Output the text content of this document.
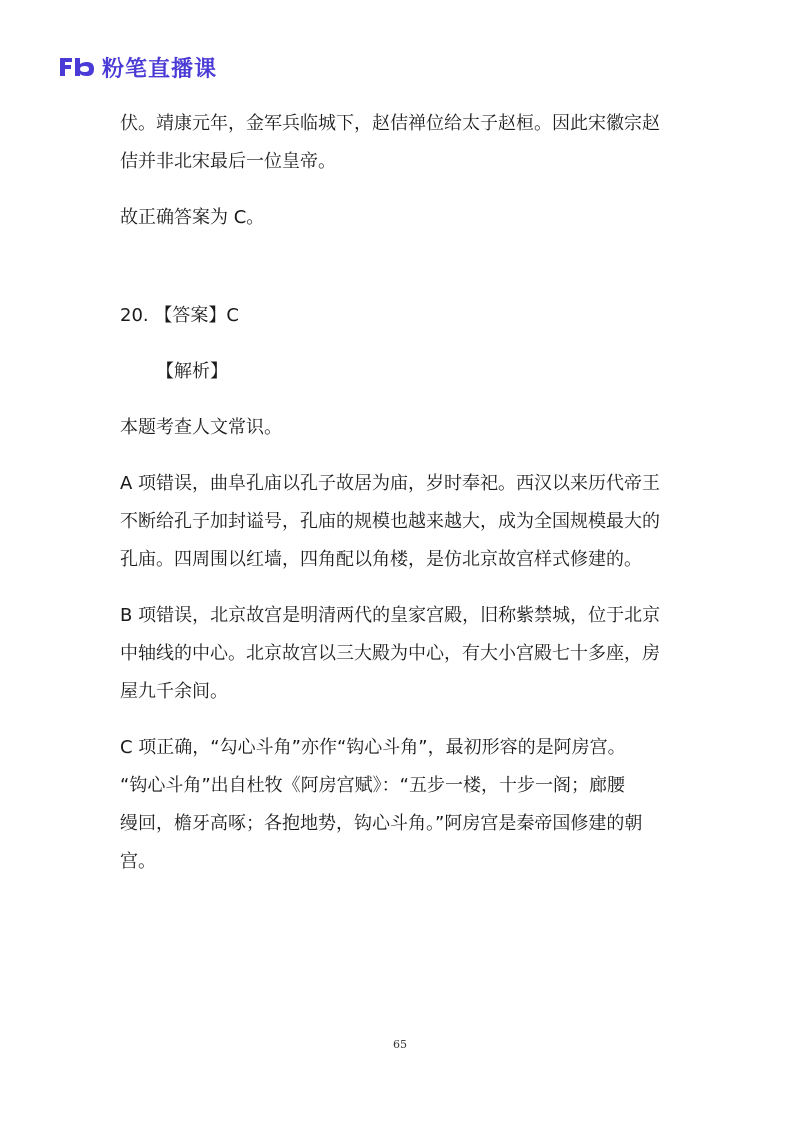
粉笔直播课

伏。靖康元年，金军兵临城下，赵佶禅位给太子赵桓。因此宋徽宗赵

佶并非北宋最后一位皇帝。

故正确答案为 C。

20. 【答案】C

【解析】

本题考查人文常识。

A 项错误，曲阜孔庙以孔子故居为庙，岁时奉祀。西汉以来历代帝王

不断给孔子加封谥号，孔庙的规模也越来越大，成为全国规模最大的

孔庙。四周围以红墙，四角配以角楼，是仿北京故宫样式修建的。

B 项错误，北京故宫是明清两代的皇家宫殿，旧称紫禁城，位于北京

中轴线的中心。北京故宫以三大殿为中心，有大小宫殿七十多座，房

屋九千余间。

C 项正确，“勾心斗角”亦作“钩心斗角”，最初形容的是阿房宫。

“钩心斗角”出自杜牧《阿房宫赋》：“五步一楼，十步一阁；廊腰

缦回，檐牙高啄；各抱地势，钩心斗角。”阿房宫是秦帝国修建的朝

宫。

65
